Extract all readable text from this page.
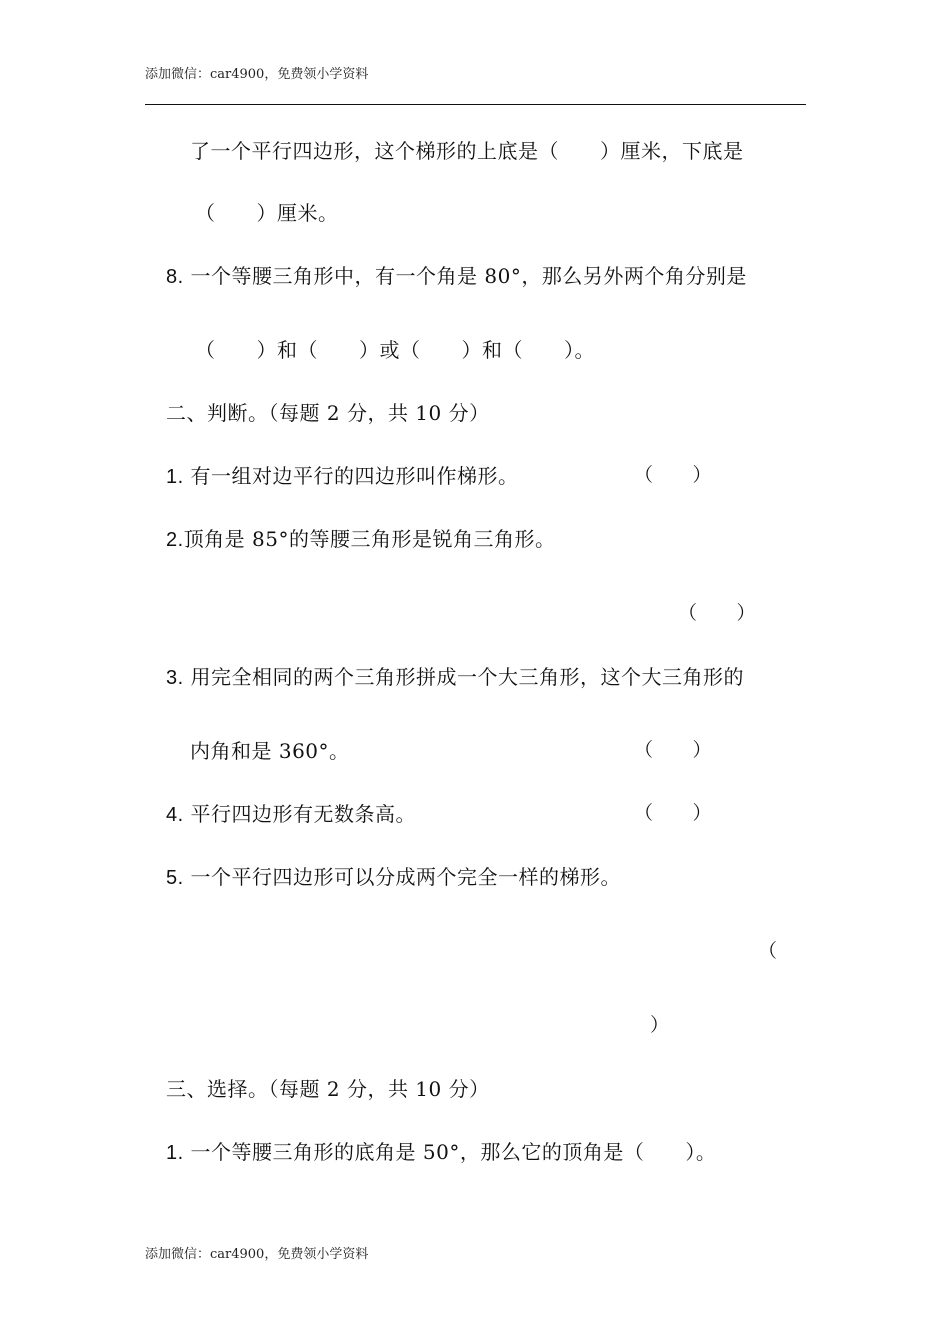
添加微信：car4900，免费领小学资料
了一个平行四边形，这个梯形的上底是（　　）厘米，下底是
（　　）厘米。
8. 一个等腰三角形中，有一个角是 80°，那么另外两个角分别是
（　　）和（　　）或（　　）和（　　）。
二、判断。（每题 2 分，共 10 分）
1. 有一组对边平行的四边形叫作梯形。	（　　）
2.顶角是 85°的等腰三角形是锐角三角形。
（　　）
3. 用完全相同的两个三角形拼成一个大三角形，这个大三角形的
内角和是 360°。	（　　）
4. 平行四边形有无数条高。	（　　）
5. 一个平行四边形可以分成两个完全一样的梯形。
（
）
三、选择。（每题 2 分，共 10 分）
1. 一个等腰三角形的底角是 50°，那么它的顶角是（　　）。
添加微信：car4900，免费领小学资料
